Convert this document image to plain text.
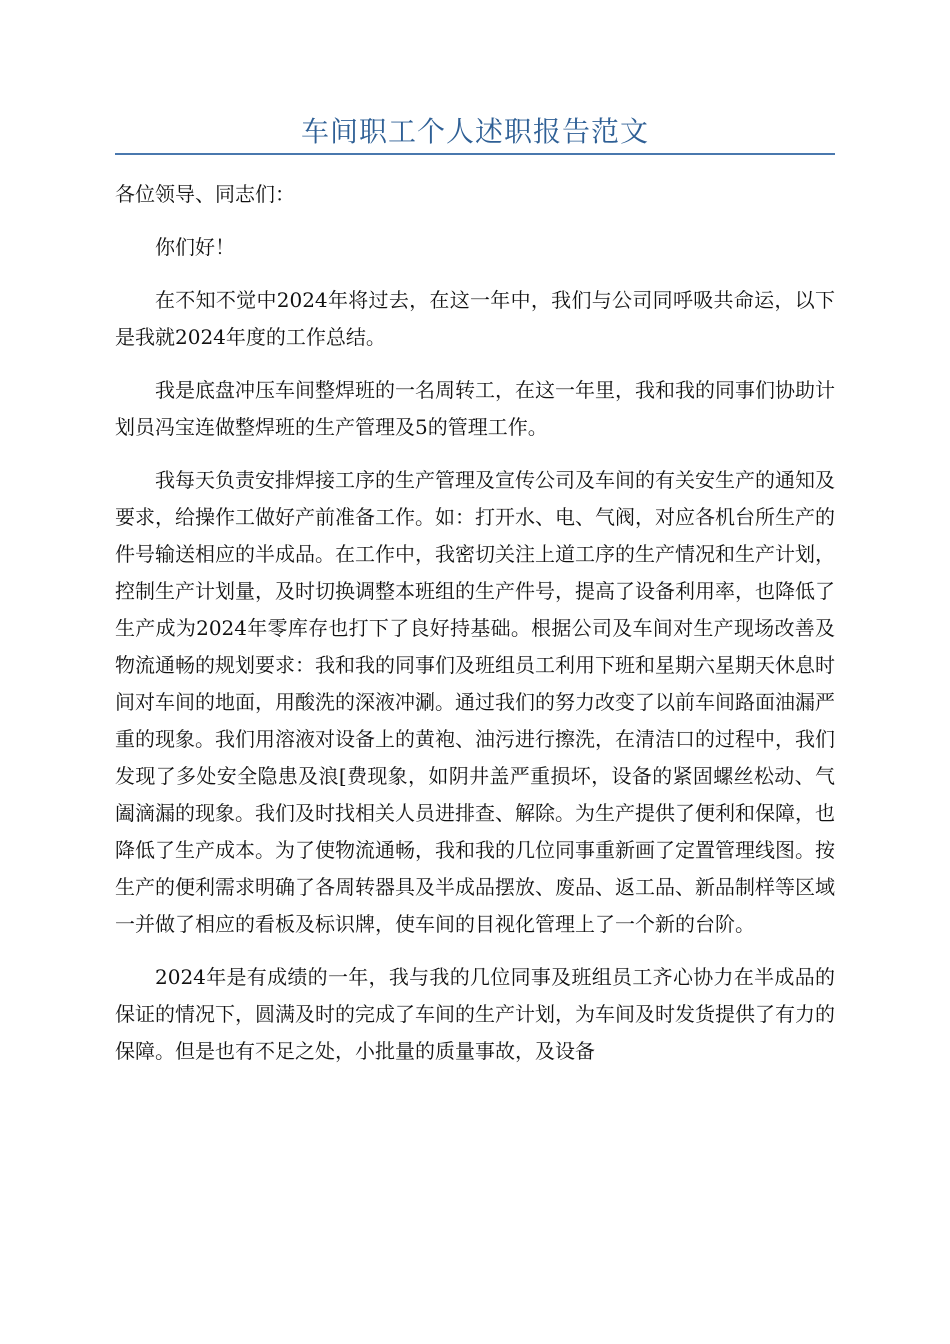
车间职工个人述职报告范文

各位领导、同志们：

你们好！

在不知不觉中2024年将过去，在这一年中，我们与公司同呼吸共命运，以下是我就2024年度的工作总结。

我是底盘冲压车间整焊班的一名周转工，在这一年里，我和我的同事们协助计划员冯宝连做整焊班的生产管理及5的管理工作。

我每天负责安排焊接工序的生产管理及宣传公司及车间的有关安生产的通知及要求，给操作工做好产前准备工作。如：打开水、电、气阀，对应各机台所生产的件号输送相应的半成品。在工作中，我密切关注上道工序的生产情况和生产计划，控制生产计划量，及时切换调整本班组的生产件号，提高了设备利用率，也降低了生产成为2024年零库存也打下了良好持基础。根据公司及车间对生产现场改善及物流通畅的规划要求：我和我的同事们及班组员工利用下班和星期六星期天休息时间对车间的地面，用酸洗的深液冲涮。通过我们的努力改变了以前车间路面油漏严重的现象。我们用溶液对设备上的黄袍、油污进行擦洗，在清洁口的过程中，我们发现了多处安全隐患及浪[费现象，如阴井盖严重损坏，设备的紧固螺丝松动、气阖滴漏的现象。我们及时找相关人员进排查、解除。为生产提供了便利和保障，也降低了生产成本。为了使物流通畅，我和我的几位同事重新画了定置管理线图。按生产的便利需求明确了各周转器具及半成品摆放、废品、返工品、新品制样等区域一并做了相应的看板及标识牌，使车间的目视化管理上了一个新的台阶。

2024年是有成绩的一年，我与我的几位同事及班组员工齐心协力在半成品的保证的情况下，圆满及时的完成了车间的生产计划，为车间及时发货提供了有力的保障。但是也有不足之处，小批量的质量事故，及设备
